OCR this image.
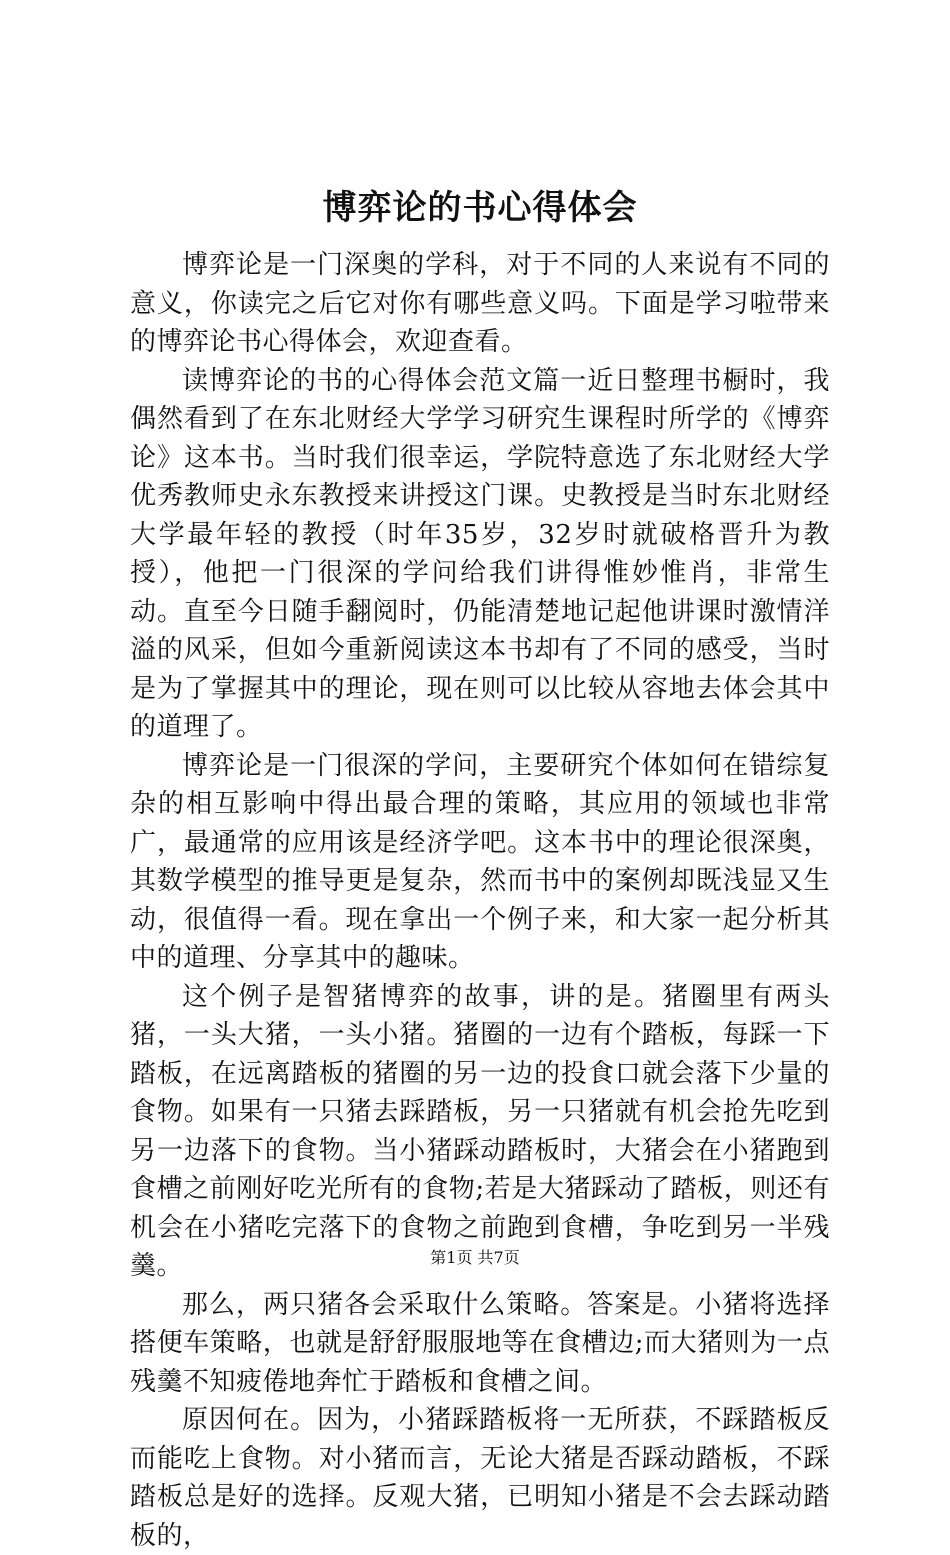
博弈论的书心得体会

博弈论是一门深奥的学科，对于不同的人来说有不同的意义，你读完之后它对你有哪些意义吗。下面是学习啦带来的博弈论书心得体会，欢迎查看。

读博弈论的书的心得体会范文篇一近日整理书橱时，我偶然看到了在东北财经大学学习研究生课程时所学的《博弈论》这本书。当时我们很幸运，学院特意选了东北财经大学优秀教师史永东教授来讲授这门课。史教授是当时东北财经大学最年轻的教授（时年35岁，32岁时就破格晋升为教授），他把一门很深的学问给我们讲得惟妙惟肖，非常生动。直至今日随手翻阅时，仍能清楚地记起他讲课时激情洋溢的风采，但如今重新阅读这本书却有了不同的感受，当时是为了掌握其中的理论，现在则可以比较从容地去体会其中的道理了。

博弈论是一门很深的学问，主要研究个体如何在错综复杂的相互影响中得出最合理的策略，其应用的领域也非常广，最通常的应用该是经济学吧。这本书中的理论很深奥，其数学模型的推导更是复杂，然而书中的案例却既浅显又生动，很值得一看。现在拿出一个例子来，和大家一起分析其中的道理、分享其中的趣味。

这个例子是智猪博弈的故事，讲的是。猪圈里有两头猪，一头大猪，一头小猪。猪圈的一边有个踏板，每踩一下踏板，在远离踏板的猪圈的另一边的投食口就会落下少量的食物。如果有一只猪去踩踏板，另一只猪就有机会抢先吃到另一边落下的食物。当小猪踩动踏板时，大猪会在小猪跑到食槽之前刚好吃光所有的食物;若是大猪踩动了踏板，则还有机会在小猪吃完落下的食物之前跑到食槽，争吃到另一半残羹。

那么，两只猪各会采取什么策略。答案是。小猪将选择搭便车策略，也就是舒舒服服地等在食槽边;而大猪则为一点残羹不知疲倦地奔忙于踏板和食槽之间。

原因何在。因为，小猪踩踏板将一无所获，不踩踏板反而能吃上食物。对小猪而言，无论大猪是否踩动踏板，不踩踏板总是好的选择。反观大猪，已明知小猪是不会去踩动踏板的，

第1页 共7页
